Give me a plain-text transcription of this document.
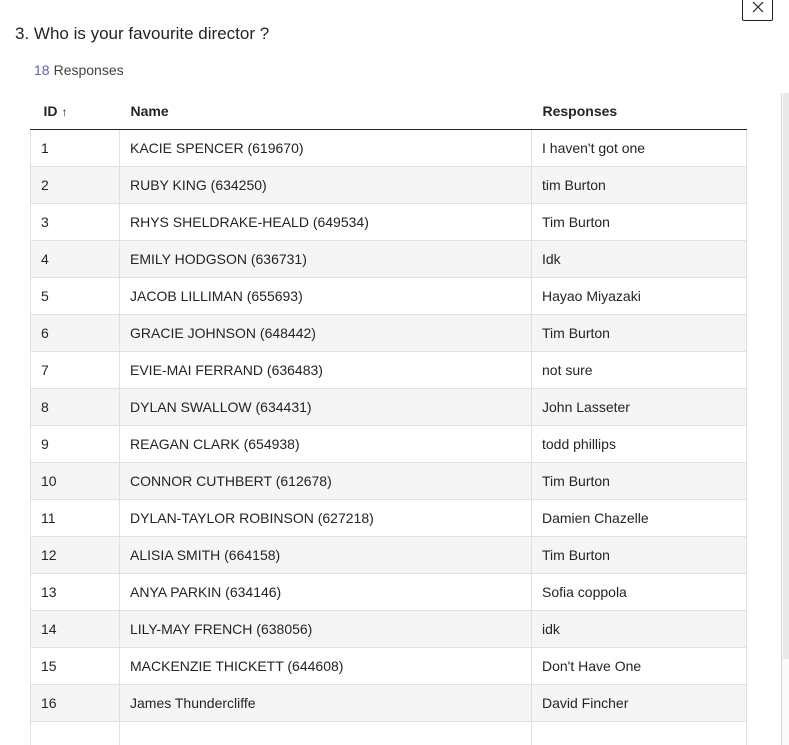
3. Who is your favourite director ?
18 Responses
ID ↑	Name	Responses
1	KACIE SPENCER (619670)	I haven't got one
2	RUBY KING (634250)	tim Burton
3	RHYS SHELDRAKE-HEALD (649534)	Tim Burton
4	EMILY HODGSON (636731)	Idk
5	JACOB LILLIMAN (655693)	Hayao Miyazaki
6	GRACIE JOHNSON (648442)	Tim Burton
7	EVIE-MAI FERRAND (636483)	not sure
8	DYLAN SWALLOW (634431)	John Lasseter
9	REAGAN CLARK (654938)	todd phillips
10	CONNOR CUTHBERT (612678)	Tim Burton
11	DYLAN-TAYLOR ROBINSON (627218)	Damien Chazelle
12	ALISIA SMITH (664158)	Tim Burton
13	ANYA PARKIN (634146)	Sofia coppola
14	LILY-MAY FRENCH (638056)	idk
15	MACKENZIE THICKETT (644608)	Don't Have One
16	James Thundercliffe	David Fincher
